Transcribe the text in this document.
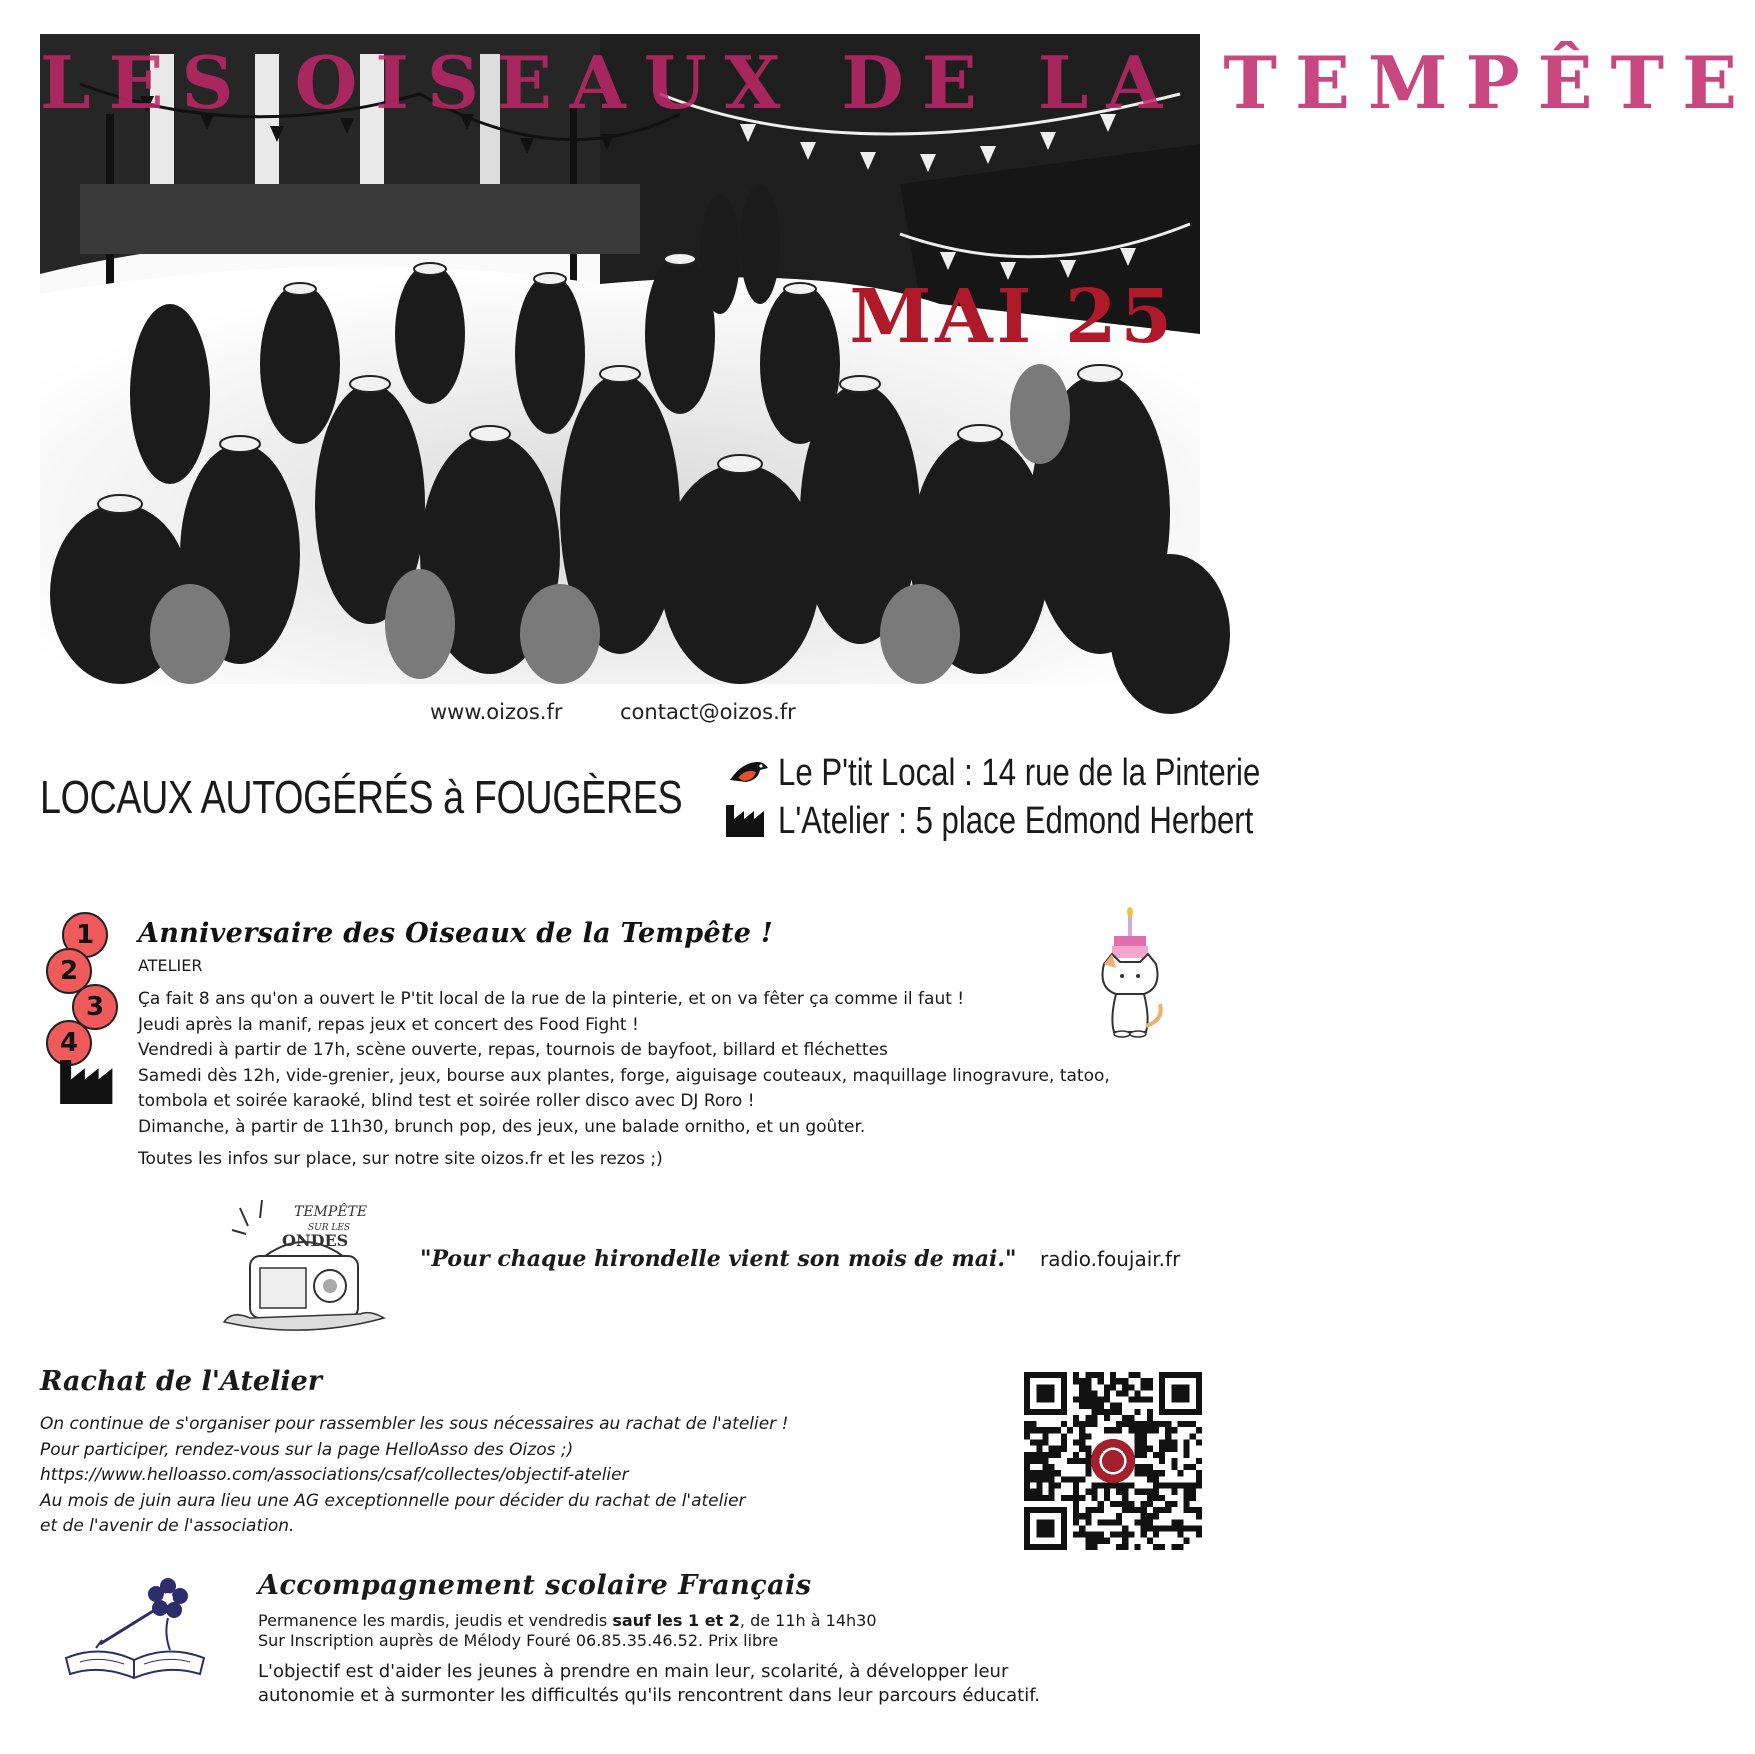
LES OISEAUX DE LA TEMPÊTE
MAI 25
www.oizos.fr	contact@oizos.fr
LOCAUX AUTOGÉRÉS à FOUGÈRES	Le P'tit Local : 14 rue de la Pinterie
L'Atelier : 5 place Edmond Herbert
1
2
3
4
Anniversaire des Oiseaux de la Tempête !
ATELIER
Ça fait 8 ans qu'on a ouvert le P'tit local de la rue de la pinterie, et on va fêter ça comme il faut !
Jeudi après la manif, repas jeux et concert des Food Fight !
Vendredi à partir de 17h, scène ouverte, repas, tournois de bayfoot, billard et fléchettes
Samedi dès 12h, vide-grenier, jeux, bourse aux plantes, forge, aiguisage couteaux, maquillage linogravure, tatoo,
tombola et soirée karaoké, blind test et soirée roller disco avec DJ Roro !
Dimanche, à partir de 11h30, brunch pop, des jeux, une balade ornitho, et un goûter.
Toutes les infos sur place, sur notre site oizos.fr et les rezos ;)
TEMPÊTE
SUR LES
ONDES
"Pour chaque hirondelle vient son mois de mai." radio.foujair.fr
Rachat de l'Atelier
On continue de s'organiser pour rassembler les sous nécessaires au rachat de l'atelier !
Pour participer, rendez-vous sur la page HelloAsso des Oizos ;)
https://www.helloasso.com/associations/csaf/collectes/objectif-atelier
Au mois de juin aura lieu une AG exceptionnelle pour décider du rachat de l'atelier
et de l'avenir de l'association.
Accompagnement scolaire Français
Permanence les mardis, jeudis et vendredis sauf les 1 et 2, de 11h à 14h30
Sur Inscription auprès de Mélody Fouré 06.85.35.46.52. Prix libre
L'objectif est d'aider les jeunes à prendre en main leur, scolarité, à développer leur
autonomie et à surmonter les difficultés qu'ils rencontrent dans leur parcours éducatif.
